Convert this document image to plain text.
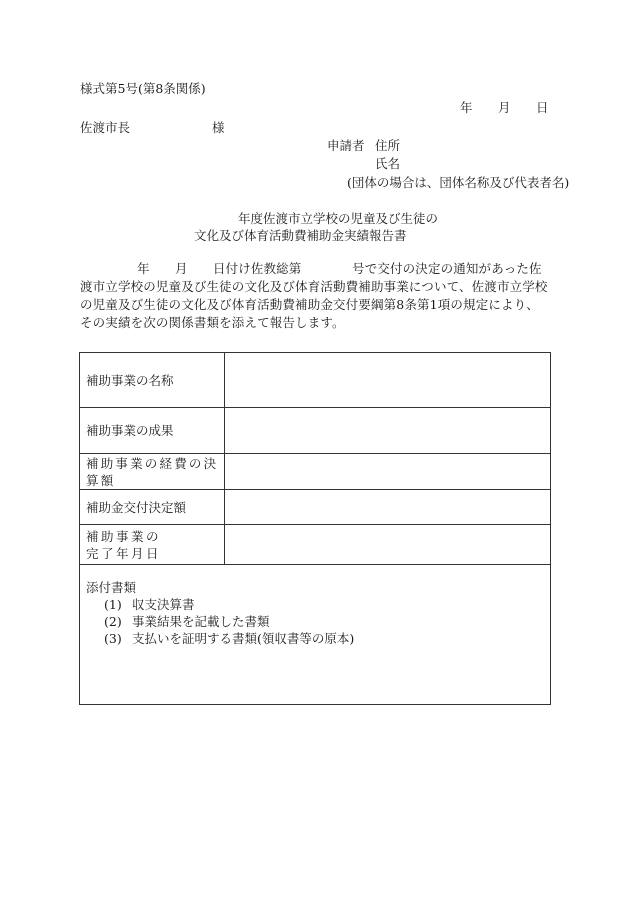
様式第5号(第8条関係)
年 月 日
佐渡市長	様
申請者 住所
氏名
(団体の場合は、団体名称及び代表者名)
年度佐渡市立学校の児童及び生徒の
文化及び体育活動費補助金実績報告書
年　　月　　日付け佐教総第　　　　号で交付の決定の通知があった佐渡市立学校の児童及び生徒の文化及び体育活動費補助事業について、佐渡市立学校の児童及び生徒の文化及び体育活動費補助金交付要綱第8条第1項の規定により、その実績を次の関係書類を添えて報告します。
補助事業の名称
補助事業の成果
補助事業の経費の決算額
補助金交付決定額
補助事業の完了年月日
添付書類
(1) 収支決算書
(2) 事業結果を記載した書類
(3) 支払いを証明する書類(領収書等の原本)
